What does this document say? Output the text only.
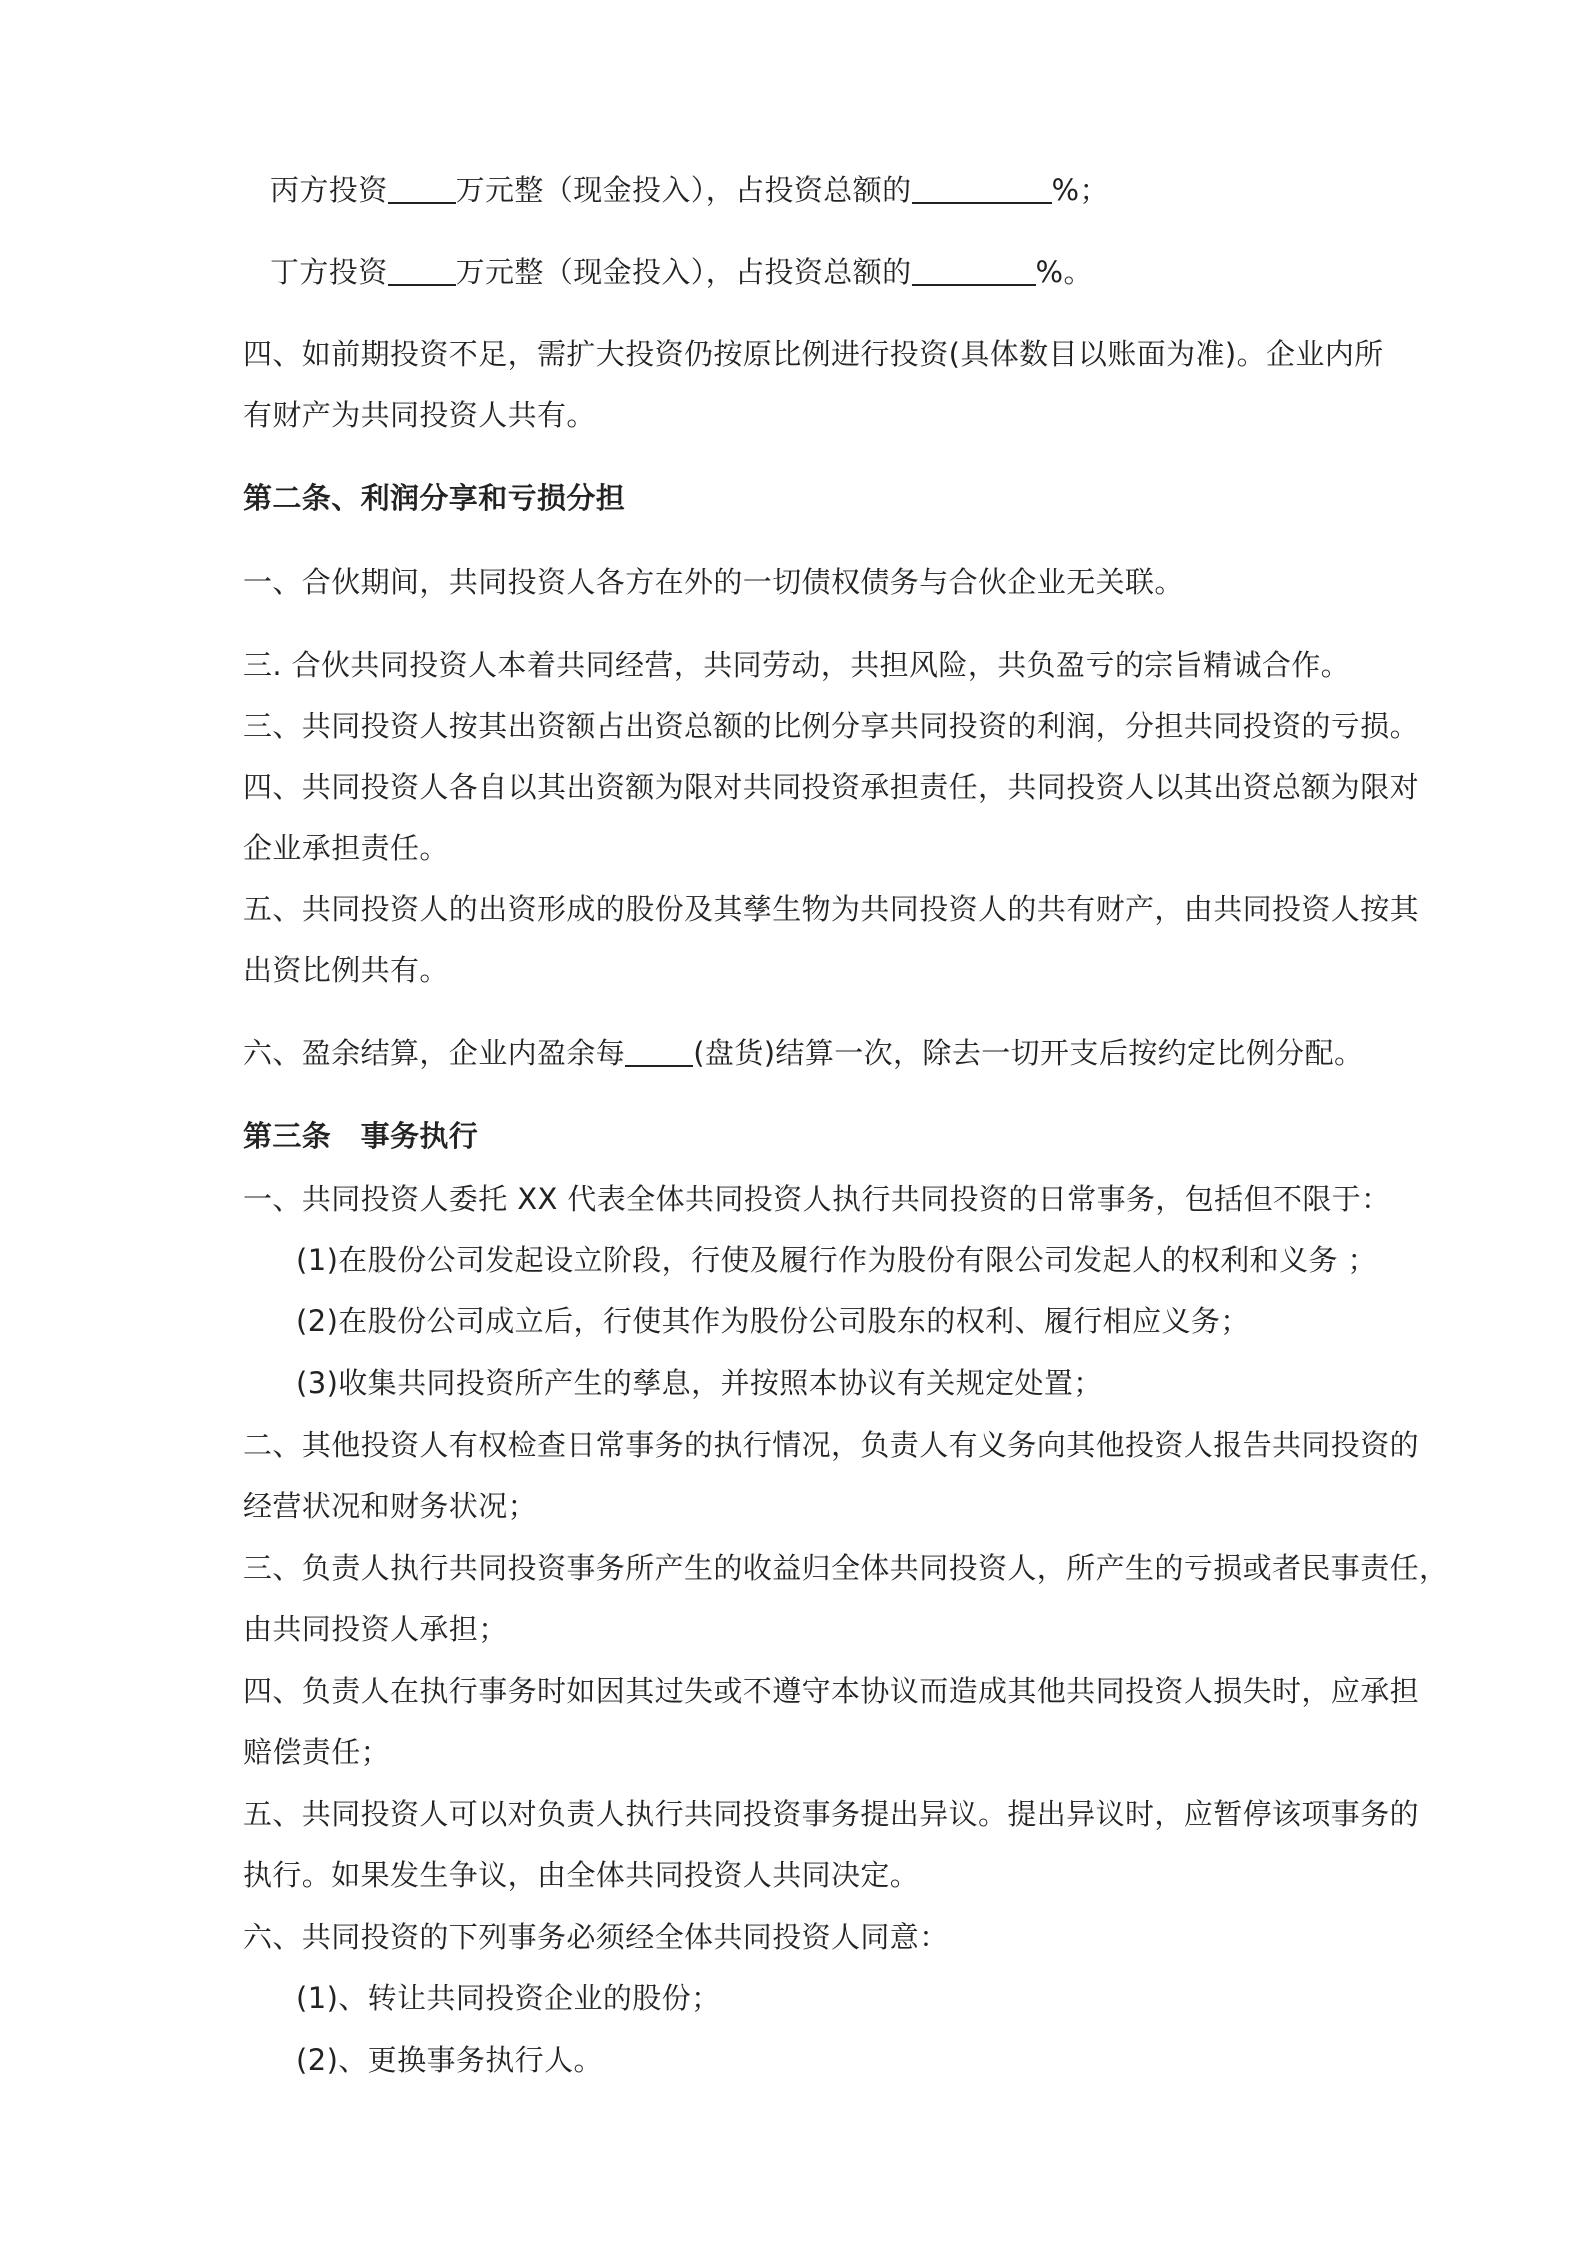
丙方投资 万元整（现金投入），占投资总额的	%；
丁方投资 万元整（现金投入），占投资总额的	%。
四、如前期投资不足，需扩大投资仍按原比例进行投资(具体数目以账面为准)。企业内所
有财产为共同投资人共有。
第二条、利润分享和亏损分担
一、合伙期间，共同投资人各方在外的一切债权债务与合伙企业无关联。
三. 合伙共同投资人本着共同经营，共同劳动，共担风险，共负盈亏的宗旨精诚合作。
三、共同投资人按其出资额占出资总额的比例分享共同投资的利润，分担共同投资的亏损。
四、共同投资人各自以其出资额为限对共同投资承担责任，共同投资人以其出资总额为限对
企业承担责任。
五、共同投资人的出资形成的股份及其孳生物为共同投资人的共有财产，由共同投资人按其
出资比例共有。
六、盈余结算，企业内盈余每 (盘货)结算一次，除去一切开支后按约定比例分配。
第三条　事务执行
一、共同投资人委托 XX 代表全体共同投资人执行共同投资的日常事务，包括但不限于：
(1)在股份公司发起设立阶段，行使及履行作为股份有限公司发起人的权利和义务 ；
(2)在股份公司成立后，行使其作为股份公司股东的权利、履行相应义务；
(3)收集共同投资所产生的孳息，并按照本协议有关规定处置；
二、其他投资人有权检查日常事务的执行情况，负责人有义务向其他投资人报告共同投资的
经营状况和财务状况；
三、负责人执行共同投资事务所产生的收益归全体共同投资人，所产生的亏损或者民事责任，
由共同投资人承担；
四、负责人在执行事务时如因其过失或不遵守本协议而造成其他共同投资人损失时，应承担
赔偿责任；
五、共同投资人可以对负责人执行共同投资事务提出异议。提出异议时，应暂停该项事务的
执行。如果发生争议，由全体共同投资人共同决定。
六、共同投资的下列事务必须经全体共同投资人同意：
(1)、转让共同投资企业的股份；
(2)、更换事务执行人。
